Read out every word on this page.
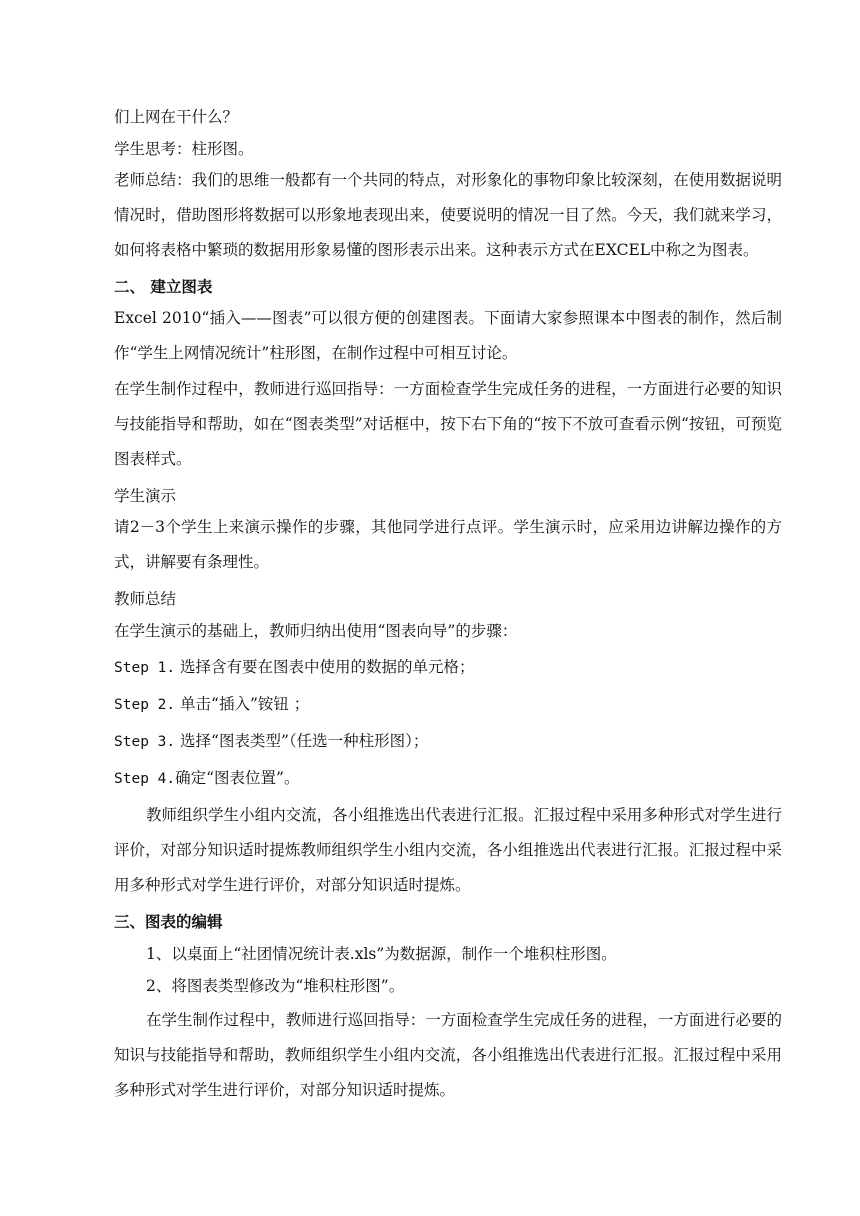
们上网在干什么？

学生思考：柱形图。

老师总结：我们的思维一般都有一个共同的特点，对形象化的事物印象比较深刻，在使用数据说明情况时，借助图形将数据可以形象地表现出来，使要说明的情况一目了然。今天，我们就来学习，如何将表格中繁琐的数据用形象易懂的图形表示出来。这种表示方式在EXCEL中称之为图表。

二、 建立图表

Excel 2010“插入——图表”可以很方便的创建图表。下面请大家参照课本中图表的制作，然后制作“学生上网情况统计”柱形图，在制作过程中可相互讨论。

在学生制作过程中，教师进行巡回指导：一方面检查学生完成任务的进程，一方面进行必要的知识与技能指导和帮助，如在“图表类型”对话框中，按下右下角的“按下不放可查看示例“按钮，可预览图表样式。

学生演示

请2－3个学生上来演示操作的步骤，其他同学进行点评。学生演示时，应采用边讲解边操作的方式，讲解要有条理性。

教师总结

在学生演示的基础上，教师归纳出使用“图表向导”的步骤：

Step 1. 选择含有要在图表中使用的数据的单元格；

Step 2. 单击“插入”铵钮 ；

Step 3. 选择“图表类型”（任选一种柱形图）；

Step 4.确定“图表位置”。

教师组织学生小组内交流，各小组推选出代表进行汇报。汇报过程中采用多种形式对学生进行评价，对部分知识适时提炼教师组织学生小组内交流，各小组推选出代表进行汇报。汇报过程中采用多种形式对学生进行评价，对部分知识适时提炼。

三、图表的编辑

1、以桌面上“社团情况统计表.xls”为数据源，制作一个堆积柱形图。

2、将图表类型修改为“堆积柱形图”。

在学生制作过程中，教师进行巡回指导：一方面检查学生完成任务的进程，一方面进行必要的知识与技能指导和帮助，教师组织学生小组内交流，各小组推选出代表进行汇报。汇报过程中采用多种形式对学生进行评价，对部分知识适时提炼。
